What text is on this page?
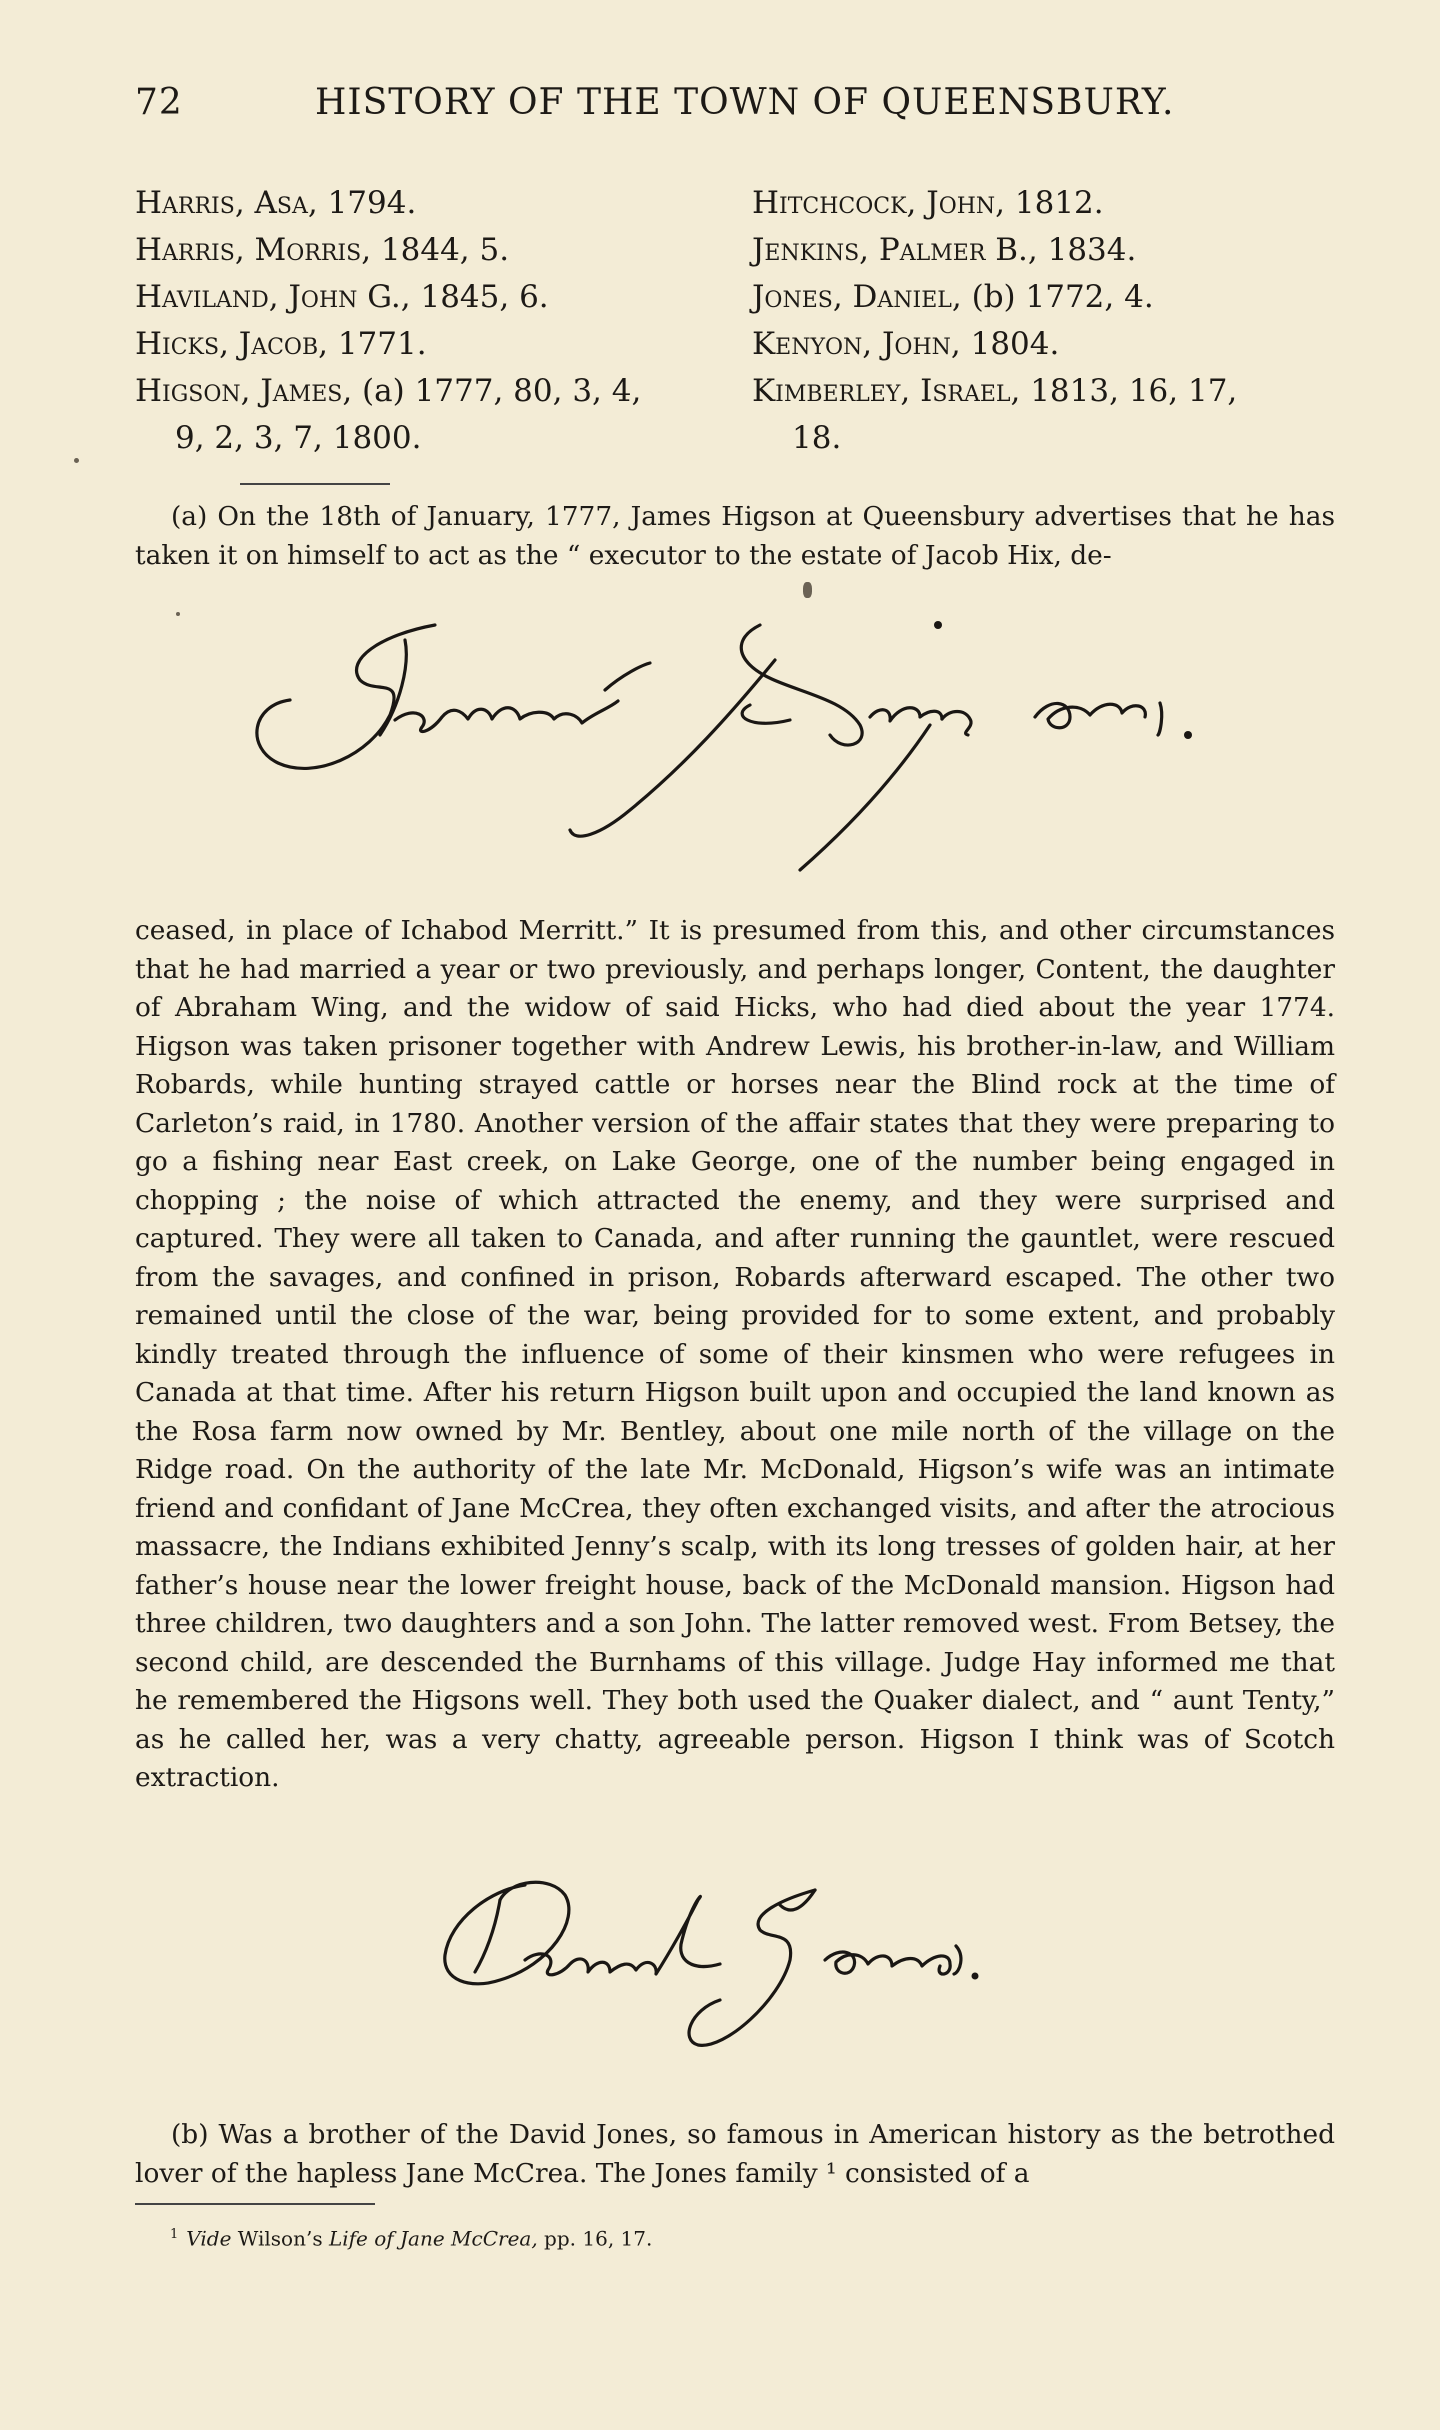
72	HISTORY OF THE TOWN OF QUEENSBURY.
Harris, Asa, 1794.
Harris, Morris, 1844, 5.
Haviland, John G., 1845, 6.
Hicks, Jacob, 1771.
Higson, James, (a) 1777, 80, 3, 4,
9, 2, 3, 7, 1800.
Hitchcock, John, 1812.
Jenkins, Palmer B., 1834.
Jones, Daniel, (b) 1772, 4.
Kenyon, John, 1804.
Kimberley, Israel, 1813, 16, 17,
18.

(a) On the 18th of January, 1777, James Higson at Queensbury advertises that he has taken it on himself to act as the “ executor to the estate of Jacob Hix, de-

ceased, in place of Ichabod Merritt.” It is presumed from this, and other circumstances that he had married a year or two previously, and perhaps longer, Content, the daughter of Abraham Wing, and the widow of said Hicks, who had died about the year 1774. Higson was taken prisoner together with Andrew Lewis, his brother-in-law, and William Robards, while hunting strayed cattle or horses near the Blind rock at the time of Carleton’s raid, in 1780. Another version of the affair states that they were preparing to go a fishing near East creek, on Lake George, one of the number being engaged in chopping ; the noise of which attracted the enemy, and they were surprised and captured. They were all taken to Canada, and after running the gauntlet, were rescued from the savages, and confined in prison, Robards afterward escaped. The other two remained until the close of the war, being provided for to some extent, and probably kindly treated through the influence of some of their kinsmen who were refugees in Canada at that time. After his return Higson built upon and occupied the land known as the Rosa farm now owned by Mr. Bentley, about one mile north of the village on the Ridge road. On the authority of the late Mr. McDonald, Higson’s wife was an intimate friend and confidant of Jane McCrea, they often exchanged visits, and after the atrocious massacre, the Indians exhibited Jenny’s scalp, with its long tresses of golden hair, at her father’s house near the lower freight house, back of the McDonald mansion. Higson had three children, two daughters and a son John. The latter removed west. From Betsey, the second child, are descended the Burnhams of this village. Judge Hay informed me that he remembered the Higsons well. They both used the Quaker dialect, and “ aunt Tenty,” as he called her, was a very chatty, agreeable person. Higson I think was of Scotch extraction.

(b) Was a brother of the David Jones, so famous in American history as the betrothed lover of the hapless Jane McCrea. The Jones family ¹ consisted of a

$^1$ Vide Wilson’s Life of Jane McCrea, pp. 16, 17.
